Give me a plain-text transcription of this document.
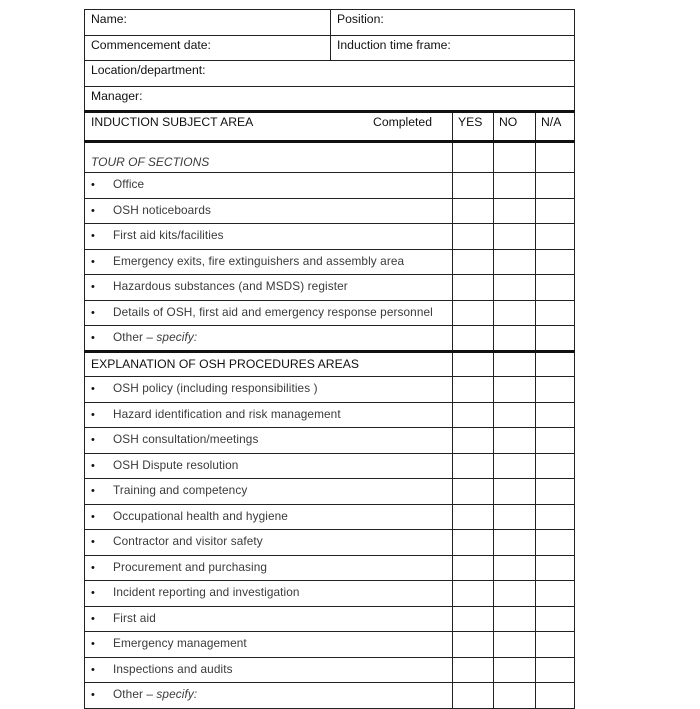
Name:	Position:			
Commencement date:	Induction time frame:			
Location/department:				
Manager:				
INDUCTION SUBJECT AREA Completed		YES	NO	N/A
TOUR OF SECTIONS				
• Office				
• OSH noticeboards				
• First aid kits/facilities				
• Emergency exits, fire extinguishers and assembly area				
• Hazardous substances (and MSDS) register				
• Details of OSH, first aid and emergency response personnel				
• Other – specify:				
EXPLANATION OF OSH PROCEDURES AREAS				
• OSH policy (including responsibilities )				
• Hazard identification and risk management				
• OSH consultation/meetings				
• OSH Dispute resolution				
• Training and competency				
• Occupational health and hygiene				
• Contractor and visitor safety				
• Procurement and purchasing				
• Incident reporting and investigation				
• First aid				
• Emergency management				
• Inspections and audits				
• Other – specify:				
